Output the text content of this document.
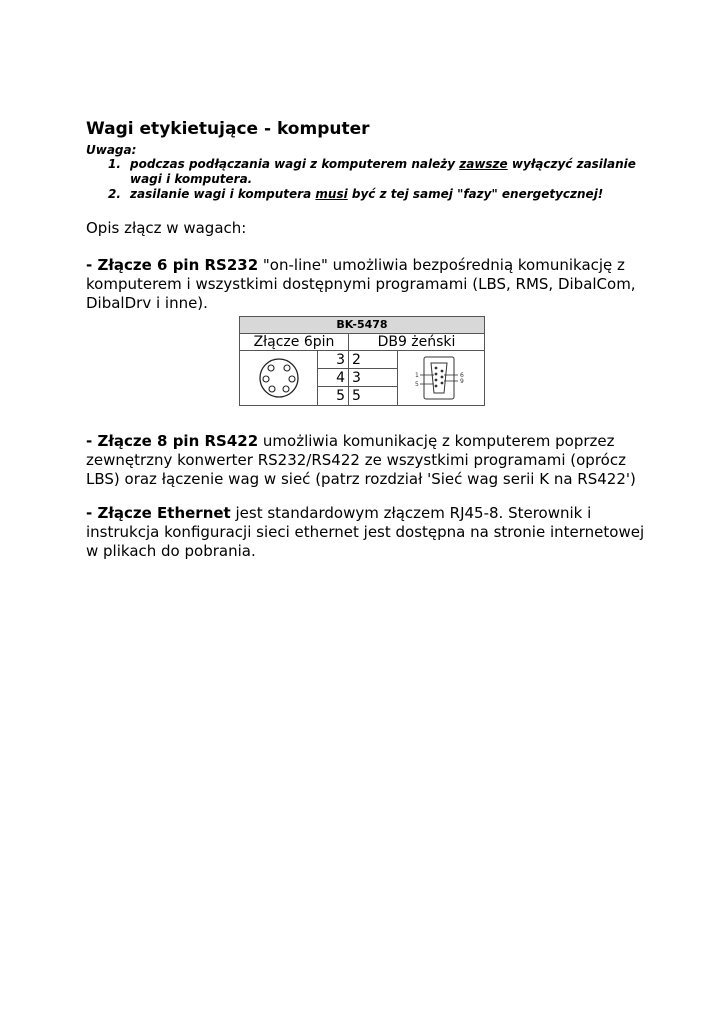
Wagi etykietujące - komputer
Uwaga:
1. podczas podłączania wagi z komputerem należy zawsze wyłączyć zasilanie wagi i komputera.
2. zasilanie wagi i komputera musi być z tej samej "fazy" energetycznej!
Opis złącz w wagach:
- Złącze 6 pin RS232 "on-line" umożliwia bezpośrednią komunikację z komputerem i wszystkimi dostępnymi programami (LBS, RMS, DibalCom, DibalDrv i inne).
BK-5478
Złącze 6pin	DB9 żeński
3 2
4 3
5 5
1
5
6
9
- Złącze 8 pin RS422 umożliwia komunikację z komputerem poprzez zewnętrzny konwerter RS232/RS422 ze wszystkimi programami (oprócz LBS) oraz łączenie wag w sieć (patrz rozdział 'Sieć wag serii K na RS422')
- Złącze Ethernet jest standardowym złączem RJ45-8. Sterownik i instrukcja konfiguracji sieci ethernet jest dostępna na stronie internetowej w plikach do pobrania.
